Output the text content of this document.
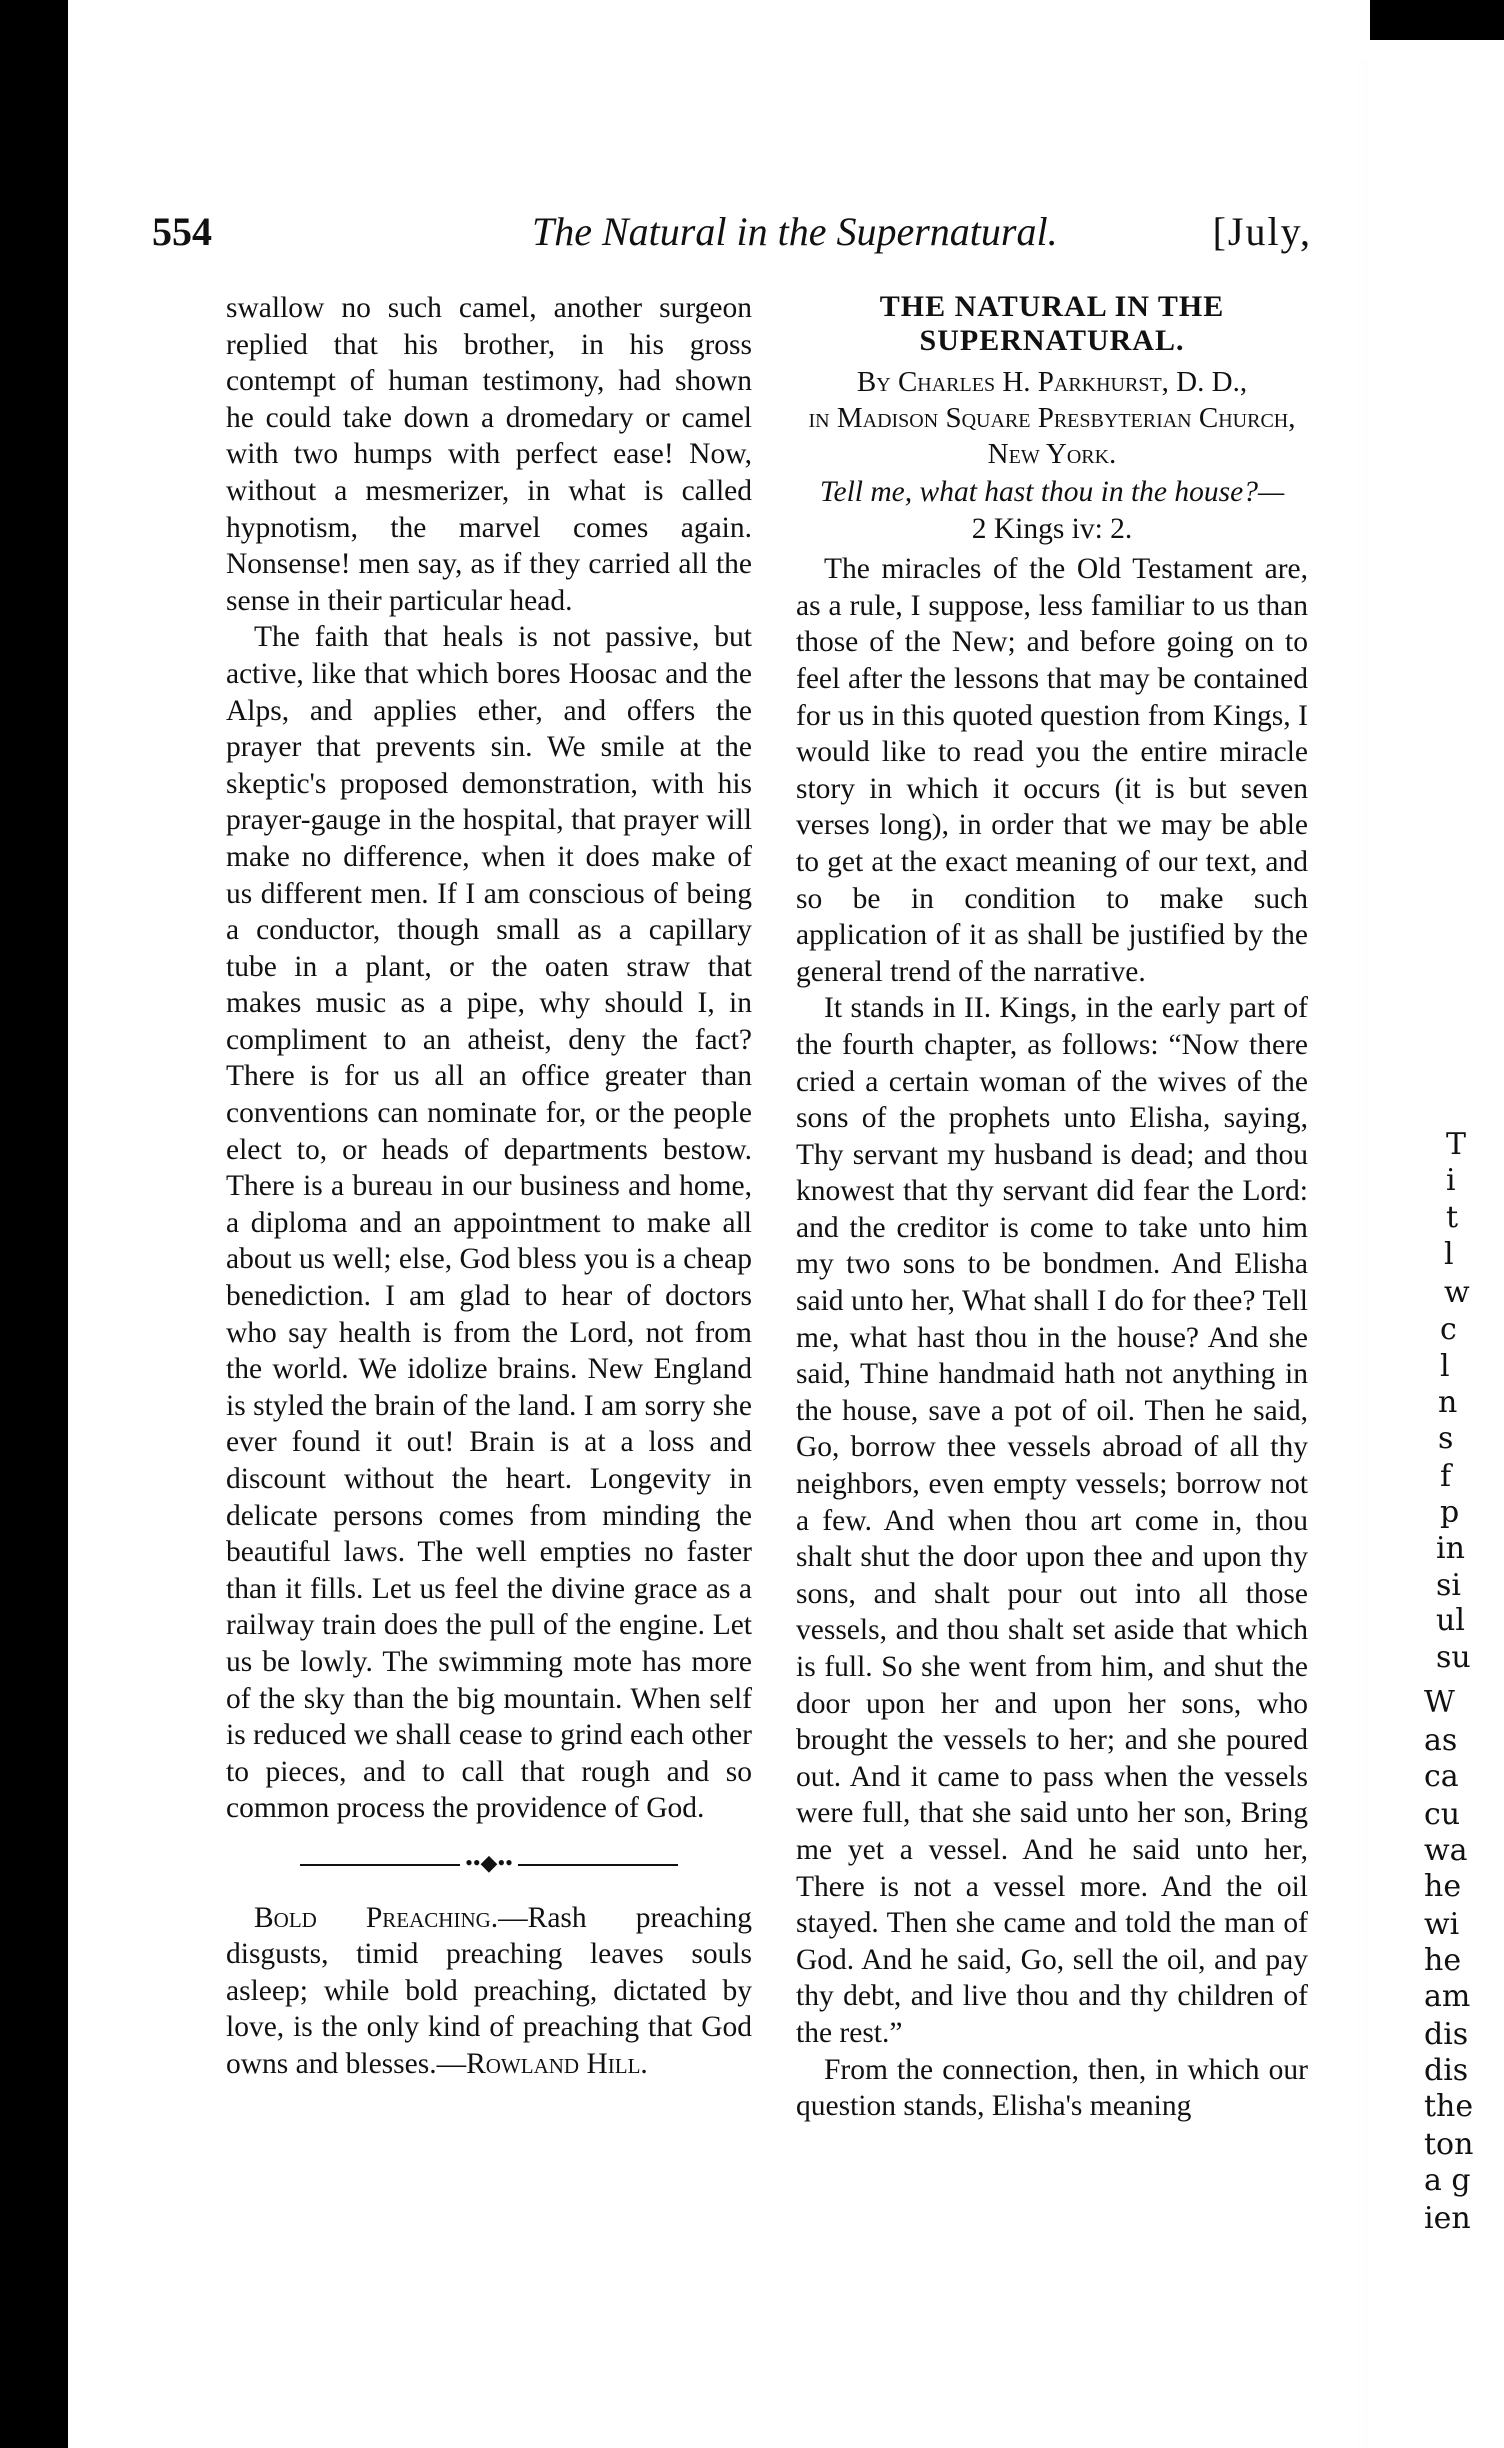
T
i
t
l
w
c
l
n
s
f
p
in
si
ul
su
W
as
ca
cu
wa
he
wi
he
am
dis
dis
the
ton
a g
ien
554	The Natural in the Supernatural.	[July,

swallow no such camel, another surgeon replied that his brother, in his gross contempt of human testimony, had shown he could take down a dromedary or camel with two humps with perfect ease! Now, without a mesmerizer, in what is called hypnotism, the marvel comes again. Nonsense! men say, as if they carried all the sense in their particular head.

The faith that heals is not passive, but active, like that which bores Hoosac and the Alps, and applies ether, and offers the prayer that prevents sin. We smile at the skeptic's proposed demonstration, with his prayer-gauge in the hospital, that prayer will make no difference, when it does make of us different men. If I am conscious of being a conductor, though small as a capillary tube in a plant, or the oaten straw that makes music as a pipe, why should I, in compliment to an atheist, deny the fact? There is for us all an office greater than conventions can nominate for, or the people elect to, or heads of departments bestow. There is a bureau in our business and home, a diploma and an appointment to make all about us well; else, God bless you is a cheap benediction. I am glad to hear of doctors who say health is from the Lord, not from the world. We idolize brains. New England is styled the brain of the land. I am sorry she ever found it out! Brain is at a loss and discount without the heart. Longevity in delicate persons comes from minding the beautiful laws. The well empties no faster than it fills. Let us feel the divine grace as a railway train does the pull of the engine. Let us be lowly. The swimming mote has more of the sky than the big mountain. When self is reduced we shall cease to grind each other to pieces, and to call that rough and so common process the providence of God.

••◆••

Bold Preaching.—Rash preaching disgusts, timid preaching leaves souls asleep; while bold preaching, dictated by love, is the only kind of preaching that God owns and blesses.—Rowland Hill.

THE NATURAL IN THE SUPERNATURAL.
By Charles H. Parkhurst, D. D.,
in Madison Square Presbyterian Church, New York.
Tell me, what hast thou in the house?—
2 Kings iv: 2.

The miracles of the Old Testament are, as a rule, I suppose, less familiar to us than those of the New; and before going on to feel after the lessons that may be contained for us in this quoted question from Kings, I would like to read you the entire miracle story in which it occurs (it is but seven verses long), in order that we may be able to get at the exact meaning of our text, and so be in condition to make such application of it as shall be justified by the general trend of the narrative.

It stands in II. Kings, in the early part of the fourth chapter, as follows: “Now there cried a certain woman of the wives of the sons of the prophets unto Elisha, saying, Thy servant my husband is dead; and thou knowest that thy servant did fear the Lord: and the creditor is come to take unto him my two sons to be bondmen. And Elisha said unto her, What shall I do for thee? Tell me, what hast thou in the house? And she said, Thine handmaid hath not anything in the house, save a pot of oil. Then he said, Go, borrow thee vessels abroad of all thy neighbors, even empty vessels; borrow not a few. And when thou art come in, thou shalt shut the door upon thee and upon thy sons, and shalt pour out into all those vessels, and thou shalt set aside that which is full. So she went from him, and shut the door upon her and upon her sons, who brought the vessels to her; and she poured out. And it came to pass when the vessels were full, that she said unto her son, Bring me yet a vessel. And he said unto her, There is not a vessel more. And the oil stayed. Then she came and told the man of God. And he said, Go, sell the oil, and pay thy debt, and live thou and thy children of the rest.”

From the connection, then, in which our question stands, Elisha's meaning
